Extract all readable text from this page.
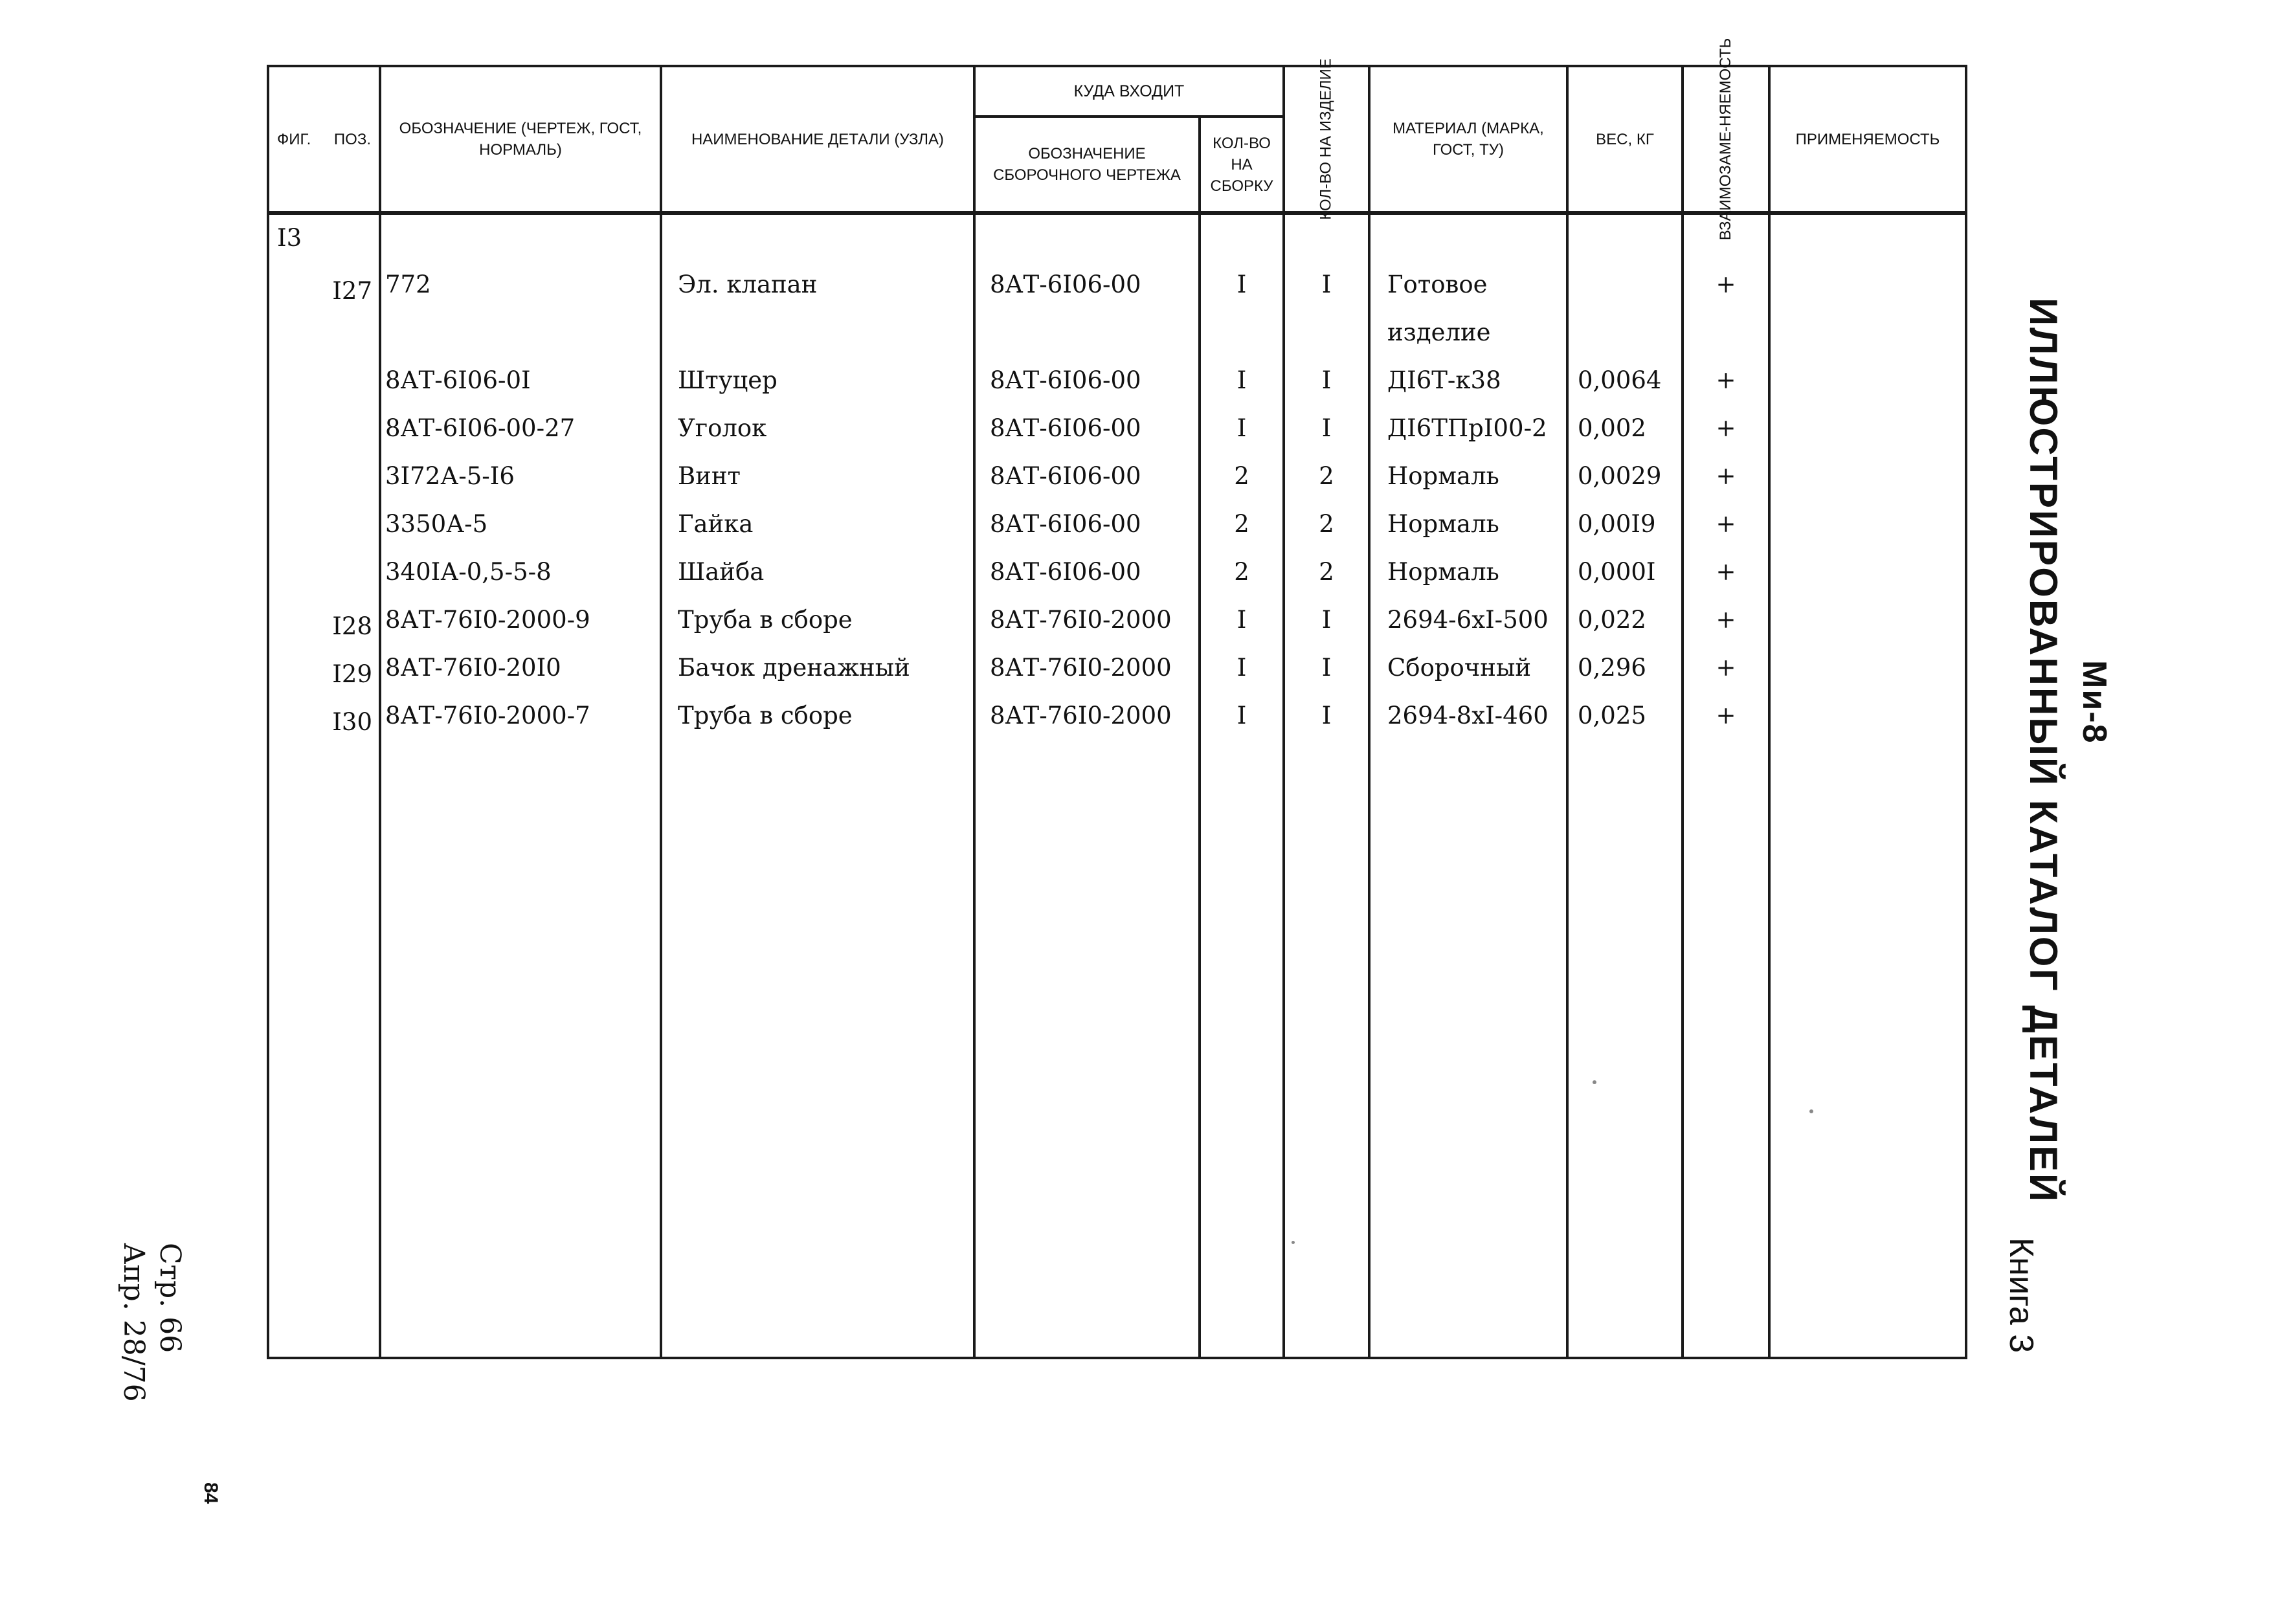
ФИГ. ПОЗ.	ОБОЗНАЧЕНИЕ (ЧЕРТЕЖ, ГОСТ, НОРМАЛЬ)	НАИМЕНОВАНИЕ ДЕТАЛИ (УЗЛА)	КУДА ВХОДИТ		КОЛ-ВО НА ИЗДЕЛИЕ	МАТЕРИАЛ (МАРКА, ГОСТ, ТУ)	ВЕС, КГ	ВЗАИМОЗАМЕ-НЯЕМОСТЬ	ПРИМЕНЯЕМОСТЬ
			ОБОЗНАЧЕНИЕ СБОРОЧНОГО ЧЕРТЕЖА	КОЛ-ВО НА СБОРКУ					

I3									

I27	772	Эл. клапан	8АТ-6I06-00	I	I	Готовое		+	

						изделие			

	8АТ-6I06-0I	Штуцер	8АТ-6I06-00	I	I	ДI6Т-к38	0,0064	+	

	8АТ-6I06-00-27	Уголок	8АТ-6I06-00	I	I	ДI6ТПрI00-2	0,002	+	

	3I72А-5-I6	Винт	8АТ-6I06-00	2	2	Нормаль	0,0029	+	

	3350А-5	Гайка	8АТ-6I06-00	2	2	Нормаль	0,00I9	+	

	340IА-0,5-5-8	Шайба	8АТ-6I06-00	2	2	Нормаль	0,000I	+	

I28	8АТ-76I0-2000-9	Труба в сборе	8АТ-76I0-2000	I	I	2694-6хI-500	0,022	+	

I29	8АТ-76I0-20I0	Бачок дренажный	8АТ-76I0-2000	I	I	Сборочный	0,296	+	

I30	8АТ-76I0-2000-7	Труба в сборе	8АТ-76I0-2000	I	I	2694-8хI-460	0,025	+	
										Ми-8
ИЛЛЮСТРИРОВАННЫЙ КАТАЛОГ ДЕТАЛЕЙ
Книга 3
Стр. 66
Апр. 28/76
84
